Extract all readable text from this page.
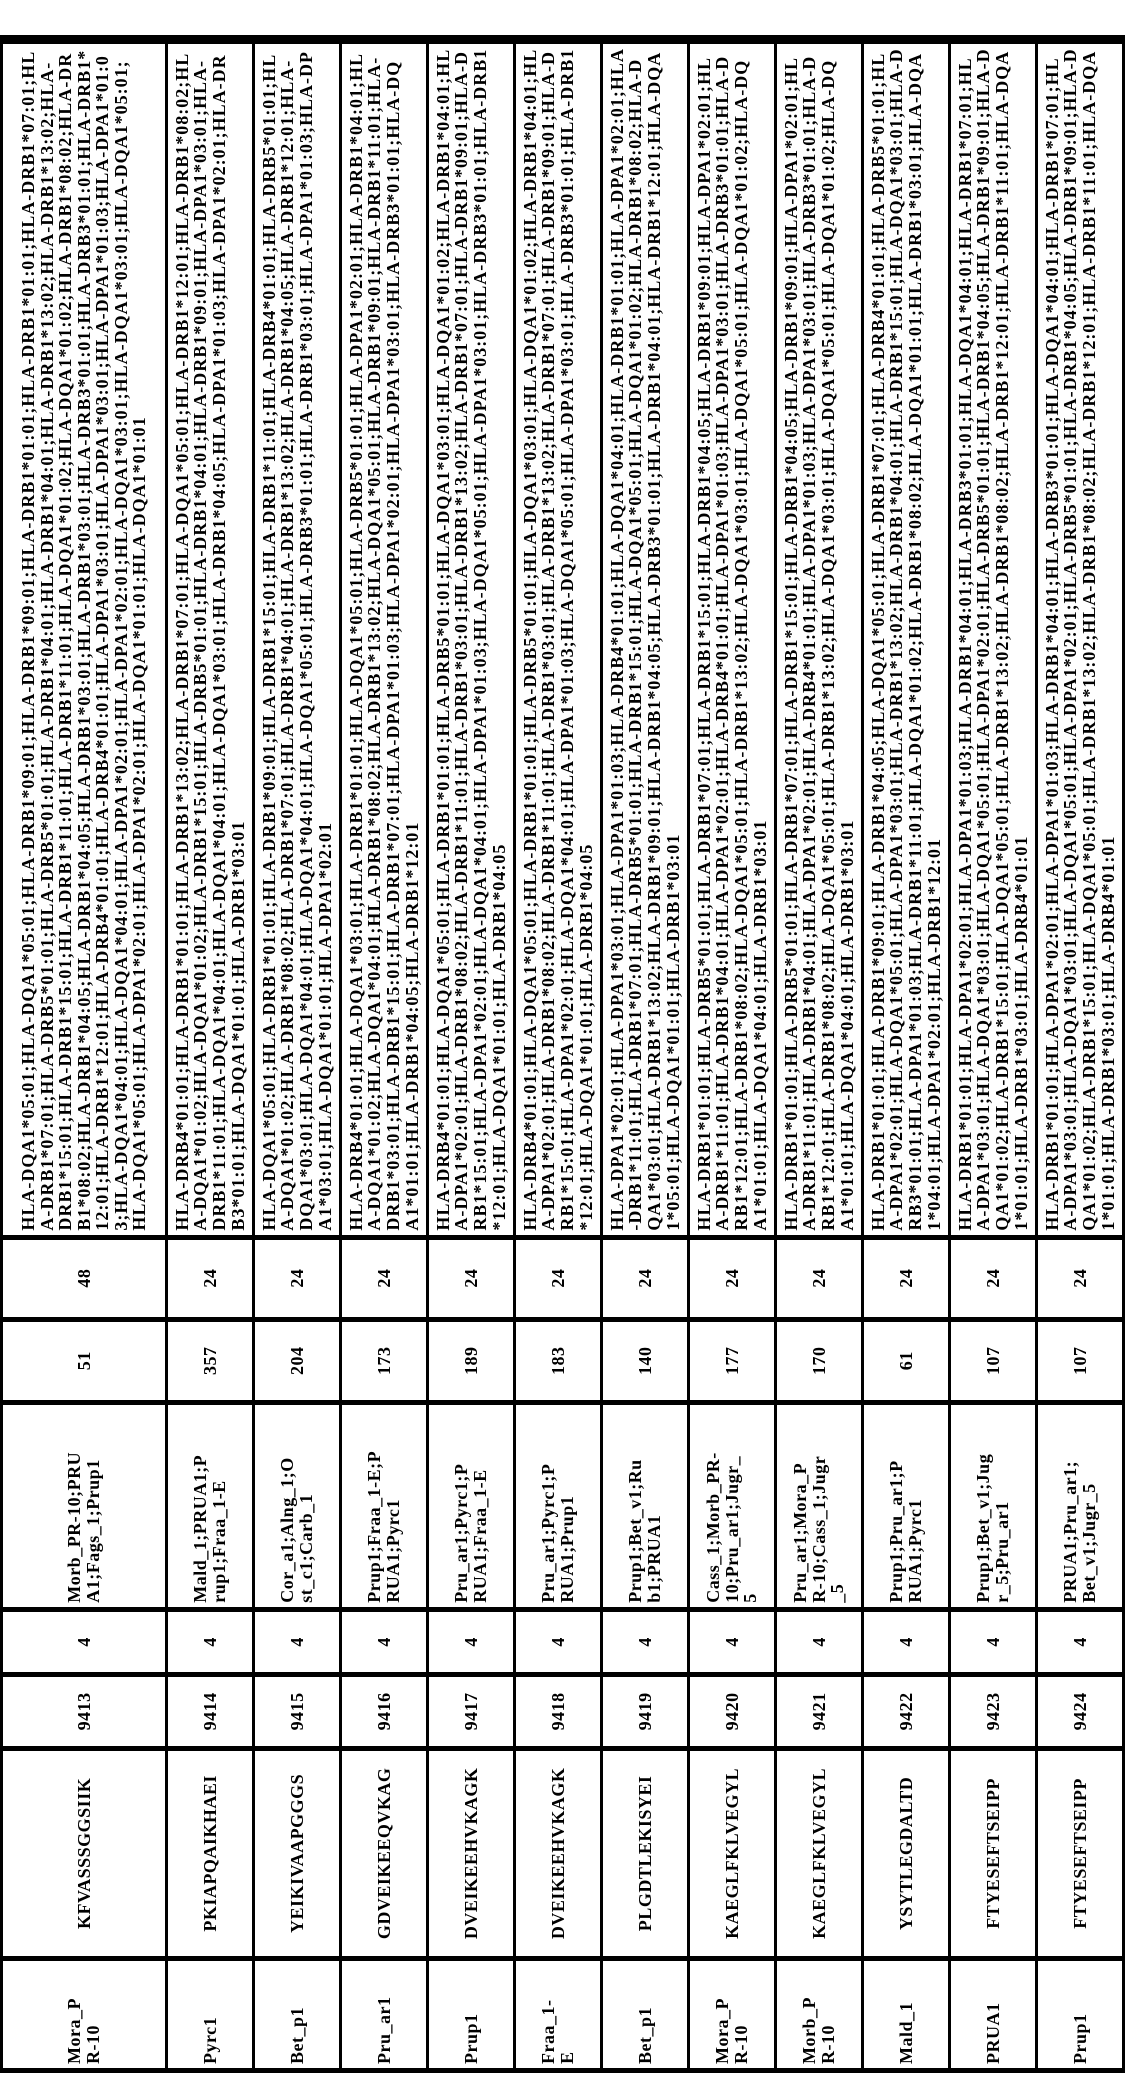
Mora_PR-10	KFVASSSGGSIIK	9413	4	Morb_PR-10;PRUA1;Fags_1;Prup1	51	48	HLA-DQA1*05:01;HLA-DQA1*05:01;HLA-DRB1*09:01;HLA-DRB1*09:01;HLA-DRB1*01:01;HLA-DRB1*01:01;HLA-DRB1*07:01;HLA-DRB1*07:01;HLA-DRB5*01:01;HLA-DRB5*01:01;HLA-DRB1*04:01;HLA-DRB1*04:01;HLA-DRB1*13:02;HLA-DRB1*13:02;HLA-DRB1*15:01;HLA-DRB1*15:01;HLA-DRB1*11:01;HLA-DRB1*11:01;HLA-DQA1*01:02;HLA-DQA1*01:02;HLA-DRB1*08:02;HLA-DRB1*08:02;HLA-DRB1*04:05;HLA-DRB1*04:05;HLA-DRB1*03:01;HLA-DRB1*03:01;HLA-DRB3*01:01;HLA-DRB3*01:01;HLA-DRB1*12:01;HLA-DRB1*12:01;HLA-DRB4*01:01;HLA-DRB4*01:01;HLA-DPA1*03:01;HLA-DPA1*03:01;HLA-DPA1*01:03;HLA-DPA1*01:03;HLA-DQA1*04:01;HLA-DQA1*04:01;HLA-DPA1*02:01;HLA-DPA1*02:01;HLA-DQA1*03:01;HLA-DQA1*03:01;HLA-DQA1*05:01;HLA-DQA1*05:01;HLA-DPA1*02:01;HLA-DPA1*02:01;HLA-DQA1*01:01;HLA-DQA1*01:01

Pyrc1	PKIAPQAIKHAEI	9414	4	Mald_1;PRUA1;Prup1;Fraa_1-E	357	24	HLA-DRB4*01:01;HLA-DRB1*01:01;HLA-DRB1*13:02;HLA-DRB1*07:01;HLA-DQA1*05:01;HLA-DRB1*12:01;HLA-DRB1*08:02;HLA-DQA1*01:02;HLA-DQA1*01:02;HLA-DRB1*15:01;HLA-DRB5*01:01;HLA-DRB1*04:01;HLA-DRB1*09:01;HLA-DPA1*03:01;HLA-DRB1*11:01;HLA-DQA1*04:01;HLA-DQA1*04:01;HLA-DQA1*03:01;HLA-DRB1*04:05;HLA-DPA1*01:03;HLA-DPA1*02:01;HLA-DRB3*01:01;HLA-DQA1*01:01;HLA-DRB1*03:01

Bet_p1	YEIKIVAAPGGGS	9415	4	Cor_a1;Alng_1;Ost_c1;Carb_1	204	24	HLA-DQA1*05:01;HLA-DRB1*01:01;HLA-DRB1*09:01;HLA-DRB1*15:01;HLA-DRB1*11:01;HLA-DRB4*01:01;HLA-DRB5*01:01;HLA-DQA1*01:02;HLA-DRB1*08:02;HLA-DRB1*07:01;HLA-DRB1*04:01;HLA-DRB1*13:02;HLA-DRB1*04:05;HLA-DRB1*12:01;HLA-DQA1*03:01;HLA-DQA1*04:01;HLA-DQA1*04:01;HLA-DQA1*05:01;HLA-DRB3*01:01;HLA-DRB1*03:01;HLA-DPA1*01:03;HLA-DPA1*03:01;HLA-DQA1*01:01;HLA-DPA1*02:01

Pru_ar1	GDVEIKEEQVKAG	9416	4	Prup1;Fraa_1-E;PRUA1;Pyrc1	173	24	HLA-DRB4*01:01;HLA-DQA1*03:01;HLA-DRB1*01:01;HLA-DQA1*05:01;HLA-DRB5*01:01;HLA-DPA1*02:01;HLA-DRB1*04:01;HLA-DQA1*01:02;HLA-DQA1*04:01;HLA-DRB1*08:02;HLA-DRB1*13:02;HLA-DQA1*05:01;HLA-DRB1*09:01;HLA-DRB1*11:01;HLA-DRB1*03:01;HLA-DRB1*15:01;HLA-DRB1*07:01;HLA-DPA1*01:03;HLA-DPA1*02:01;HLA-DPA1*03:01;HLA-DRB3*01:01;HLA-DQA1*01:01;HLA-DRB1*04:05;HLA-DRB1*12:01

Prup1	DVEIKEEHVKAGK	9417	4	Pru_ar1;Pyrc1;PRUA1;Fraa_1-E	189	24	HLA-DRB4*01:01;HLA-DQA1*05:01;HLA-DRB1*01:01;HLA-DRB5*01:01;HLA-DQA1*03:01;HLA-DQA1*01:02;HLA-DRB1*04:01;HLA-DPA1*02:01;HLA-DRB1*08:02;HLA-DRB1*11:01;HLA-DRB1*03:01;HLA-DRB1*13:02;HLA-DRB1*07:01;HLA-DRB1*09:01;HLA-DRB1*15:01;HLA-DPA1*02:01;HLA-DQA1*04:01;HLA-DPA1*01:03;HLA-DQA1*05:01;HLA-DPA1*03:01;HLA-DRB3*01:01;HLA-DRB1*12:01;HLA-DQA1*01:01;HLA-DRB1*04:05

Fraa_1-E	DVEIKEEHVKAGK	9418	4	Pru_ar1;Pyrc1;PRUA1;Prup1	183	24	HLA-DRB4*01:01;HLA-DQA1*05:01;HLA-DRB1*01:01;HLA-DRB5*01:01;HLA-DQA1*03:01;HLA-DQA1*01:02;HLA-DRB1*04:01;HLA-DPA1*02:01;HLA-DRB1*08:02;HLA-DRB1*11:01;HLA-DRB1*03:01;HLA-DRB1*13:02;HLA-DRB1*07:01;HLA-DRB1*09:01;HLA-DRB1*15:01;HLA-DPA1*02:01;HLA-DQA1*04:01;HLA-DPA1*01:03;HLA-DQA1*05:01;HLA-DPA1*03:01;HLA-DRB3*01:01;HLA-DRB1*12:01;HLA-DQA1*01:01;HLA-DRB1*04:05

Bet_p1	PLGDTLEKISYEI	9419	4	Prup1;Bet_v1;Rub1;PRUA1	140	24	HLA-DPA1*02:01;HLA-DPA1*03:01;HLA-DPA1*01:03;HLA-DRB4*01:01;HLA-DQA1*04:01;HLA-DRB1*01:01;HLA-DPA1*02:01;HLA-DRB1*11:01;HLA-DRB1*07:01;HLA-DRB5*01:01;HLA-DRB1*15:01;HLA-DQA1*05:01;HLA-DQA1*01:02;HLA-DRB1*08:02;HLA-DQA1*03:01;HLA-DRB1*13:02;HLA-DRB1*09:01;HLA-DRB1*04:05;HLA-DRB3*01:01;HLA-DRB1*04:01;HLA-DRB1*12:01;HLA-DQA1*05:01;HLA-DQA1*01:01;HLA-DRB1*03:01

Mora_PR-10	KAEGLFKLVEGYL	9420	4	Cass_1;Morb_PR-10;Pru_ar1;Jugr_5	177	24	HLA-DRB1*01:01;HLA-DRB5*01:01;HLA-DRB1*07:01;HLA-DRB1*15:01;HLA-DRB1*04:05;HLA-DRB1*09:01;HLA-DPA1*02:01;HLA-DRB1*11:01;HLA-DRB1*04:01;HLA-DPA1*02:01;HLA-DRB4*01:01;HLA-DPA1*01:03;HLA-DPA1*03:01;HLA-DRB3*01:01;HLA-DRB1*12:01;HLA-DRB1*08:02;HLA-DQA1*05:01;HLA-DRB1*13:02;HLA-DQA1*03:01;HLA-DQA1*05:01;HLA-DQA1*01:02;HLA-DQA1*01:01;HLA-DQA1*04:01;HLA-DRB1*03:01

Morb_PR-10	KAEGLFKLVEGYL	9421	4	Pru_ar1;Mora_PR-10;Cass_1;Jugr_5	170	24	HLA-DRB1*01:01;HLA-DRB5*01:01;HLA-DRB1*07:01;HLA-DRB1*15:01;HLA-DRB1*04:05;HLA-DRB1*09:01;HLA-DPA1*02:01;HLA-DRB1*11:01;HLA-DRB1*04:01;HLA-DPA1*02:01;HLA-DRB4*01:01;HLA-DPA1*01:03;HLA-DPA1*03:01;HLA-DRB3*01:01;HLA-DRB1*12:01;HLA-DRB1*08:02;HLA-DQA1*05:01;HLA-DRB1*13:02;HLA-DQA1*03:01;HLA-DQA1*05:01;HLA-DQA1*01:02;HLA-DQA1*01:01;HLA-DQA1*04:01;HLA-DRB1*03:01

Mald_1	YSYTLEGDALTD	9422	4	Prup1;Pru_ar1;PRUA1;Pyrc1	61	24	HLA-DRB1*01:01;HLA-DRB1*09:01;HLA-DRB1*04:05;HLA-DQA1*05:01;HLA-DRB1*07:01;HLA-DRB4*01:01;HLA-DRB5*01:01;HLA-DPA1*02:01;HLA-DQA1*05:01;HLA-DPA1*03:01;HLA-DRB1*13:02;HLA-DRB1*04:01;HLA-DRB1*15:01;HLA-DQA1*03:01;HLA-DRB3*01:01;HLA-DPA1*01:03;HLA-DRB1*11:01;HLA-DQA1*01:02;HLA-DRB1*08:02;HLA-DQA1*01:01;HLA-DRB1*03:01;HLA-DQA1*04:01;HLA-DPA1*02:01;HLA-DRB1*12:01

PRUA1	FTYESEFTSEIPP	9423	4	Prup1;Bet_v1;Jugr_5;Pru_ar1	107	24	HLA-DRB1*01:01;HLA-DPA1*02:01;HLA-DPA1*01:03;HLA-DRB1*04:01;HLA-DRB3*01:01;HLA-DQA1*04:01;HLA-DRB1*07:01;HLA-DPA1*03:01;HLA-DQA1*03:01;HLA-DQA1*05:01;HLA-DPA1*02:01;HLA-DRB5*01:01;HLA-DRB1*04:05;HLA-DRB1*09:01;HLA-DQA1*01:02;HLA-DRB1*15:01;HLA-DQA1*05:01;HLA-DRB1*13:02;HLA-DRB1*08:02;HLA-DRB1*12:01;HLA-DRB1*11:01;HLA-DQA1*01:01;HLA-DRB1*03:01;HLA-DRB4*01:01

Prup1	FTYESEFTSEIPP	9424	4	PRUA1;Pru_ar1;Bet_v1;Jugr_5	107	24	HLA-DRB1*01:01;HLA-DPA1*02:01;HLA-DPA1*01:03;HLA-DRB1*04:01;HLA-DRB3*01:01;HLA-DQA1*04:01;HLA-DRB1*07:01;HLA-DPA1*03:01;HLA-DQA1*03:01;HLA-DQA1*05:01;HLA-DPA1*02:01;HLA-DRB5*01:01;HLA-DRB1*04:05;HLA-DRB1*09:01;HLA-DQA1*01:02;HLA-DRB1*15:01;HLA-DQA1*05:01;HLA-DRB1*13:02;HLA-DRB1*08:02;HLA-DRB1*12:01;HLA-DRB1*11:01;HLA-DQA1*01:01;HLA-DRB1*03:01;HLA-DRB4*01:01
